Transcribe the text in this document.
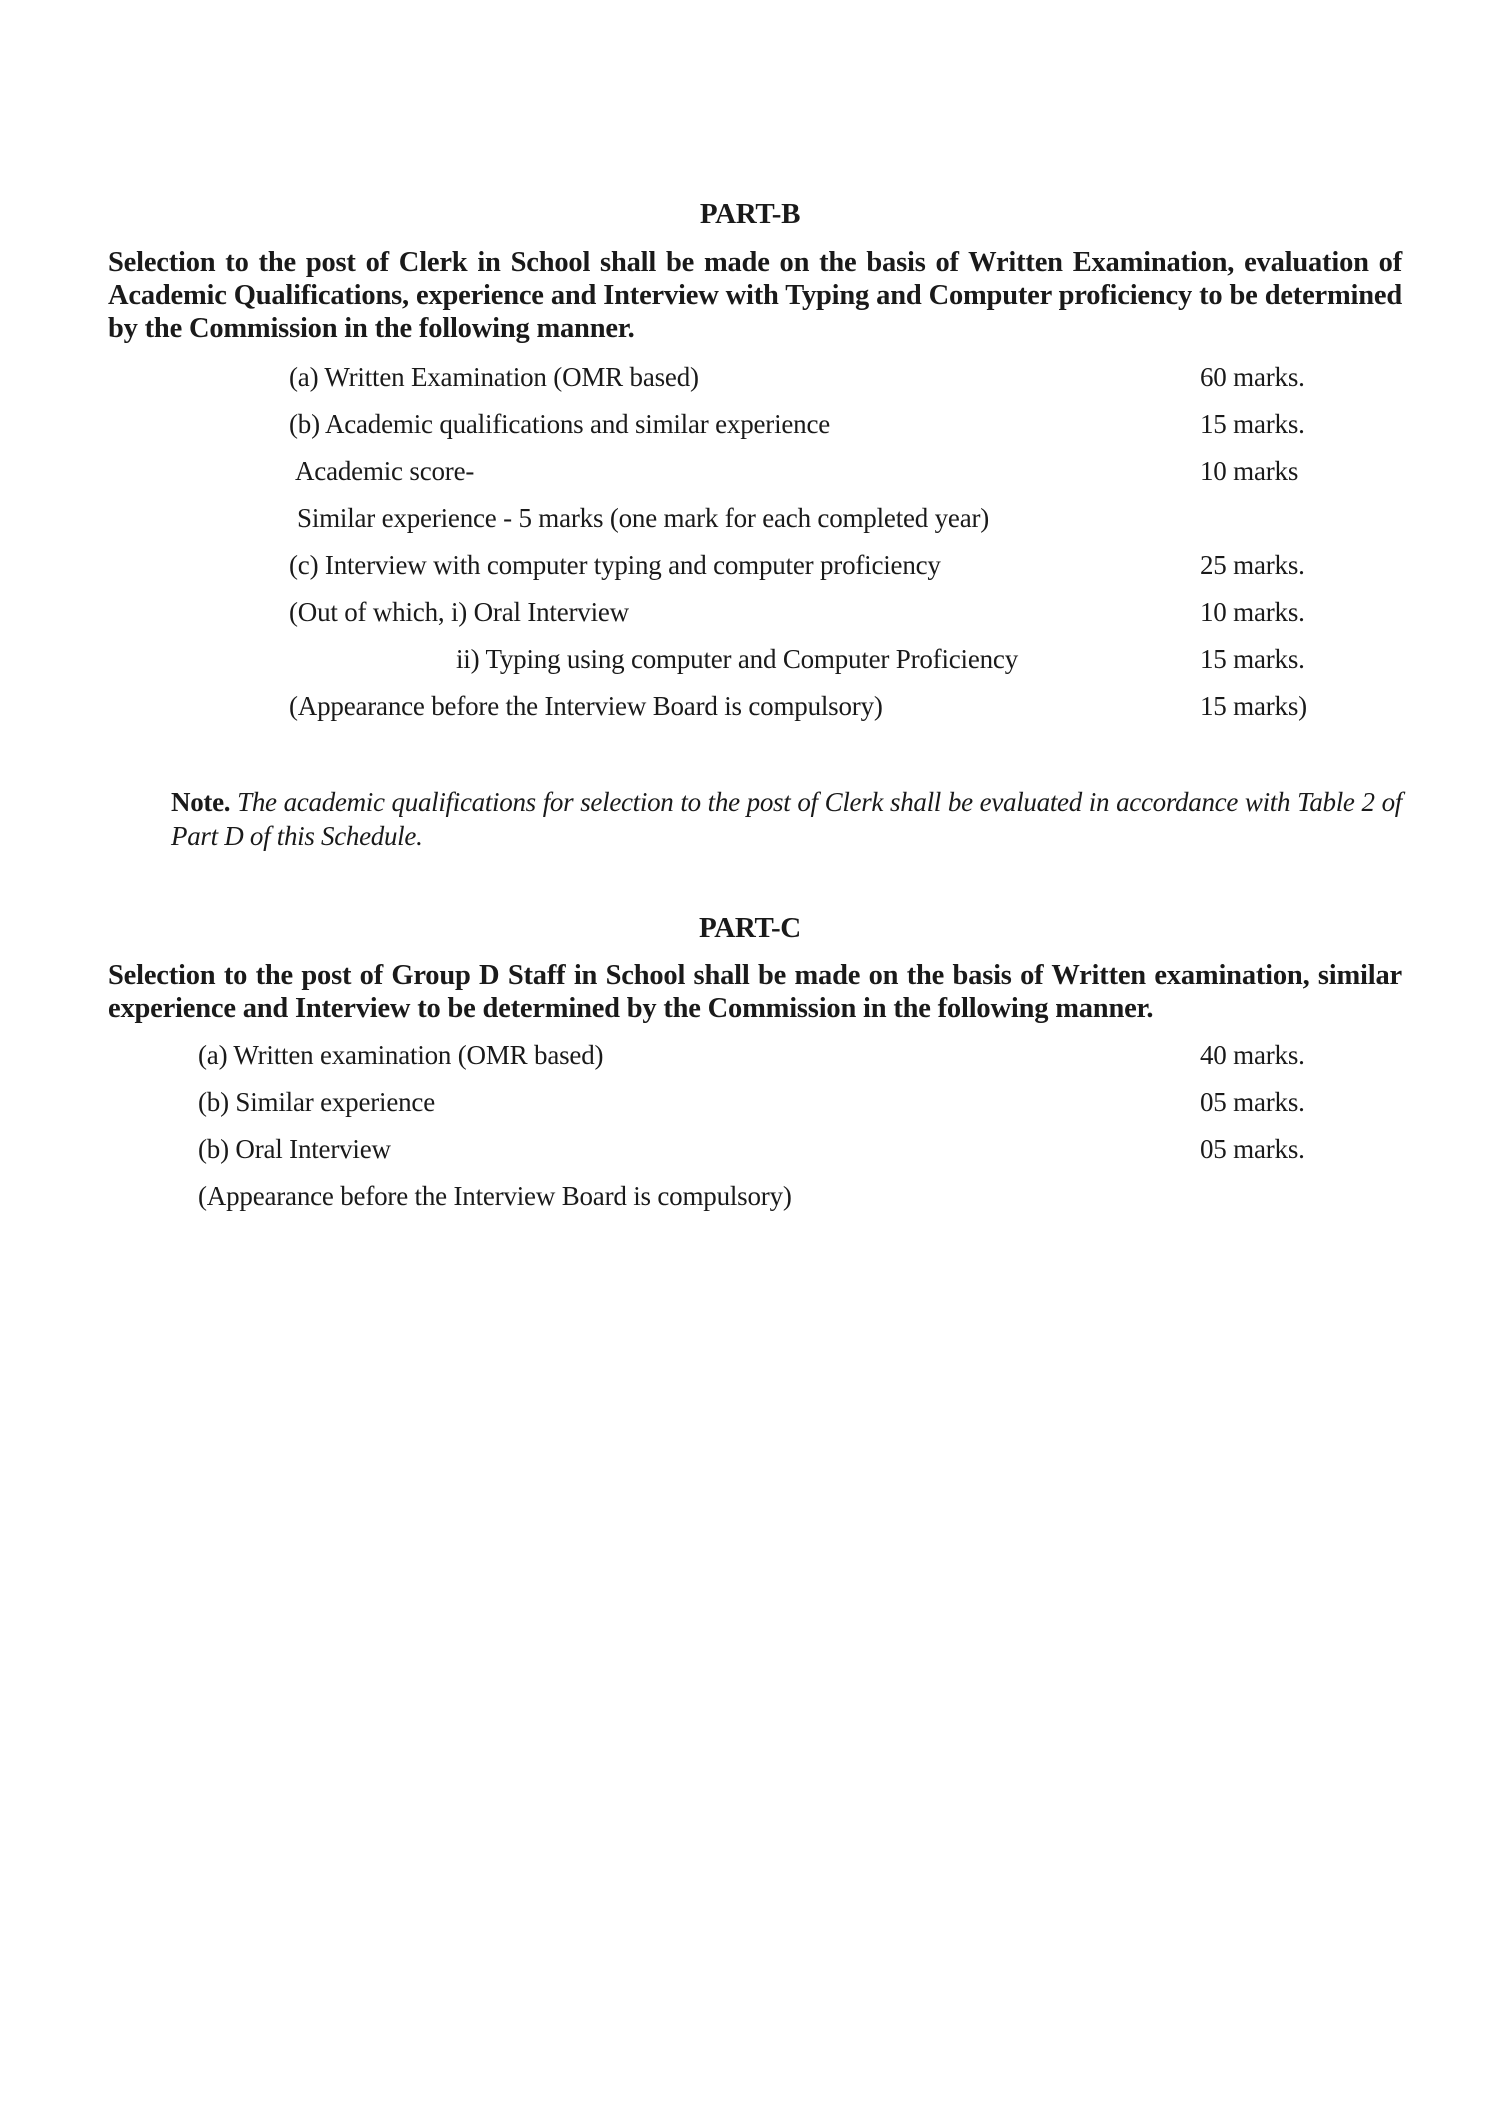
PART-B
Selection to the post of Clerk in School shall be made on the basis of Written Examination, evaluation of Academic Qualifications, experience and Interview with Typing and Computer proficiency to be determined by the Commission in the following manner.
(a) Written Examination (OMR based)	60 marks.
(b) Academic qualifications and similar experience	15 marks.
Academic score-	10 marks
Similar experience - 5 marks (one mark for each completed year)
(c) Interview with computer typing and computer proficiency	25 marks.
(Out of which, i) Oral Interview	10 marks.
ii) Typing using computer and Computer Proficiency	15 marks.
(Appearance before the Interview Board is compulsory)	15 marks)
Note. The academic qualifications for selection to the post of Clerk shall be evaluated in accordance with Table 2 of Part D of this Schedule.
PART-C
Selection to the post of Group D Staff in School shall be made on the basis of Written examination, similar experience and Interview to be determined by the Commission in the following manner.
(a) Written examination (OMR based)	40 marks.
(b) Similar experience	05 marks.
(b) Oral Interview	05 marks.
(Appearance before the Interview Board is compulsory)
